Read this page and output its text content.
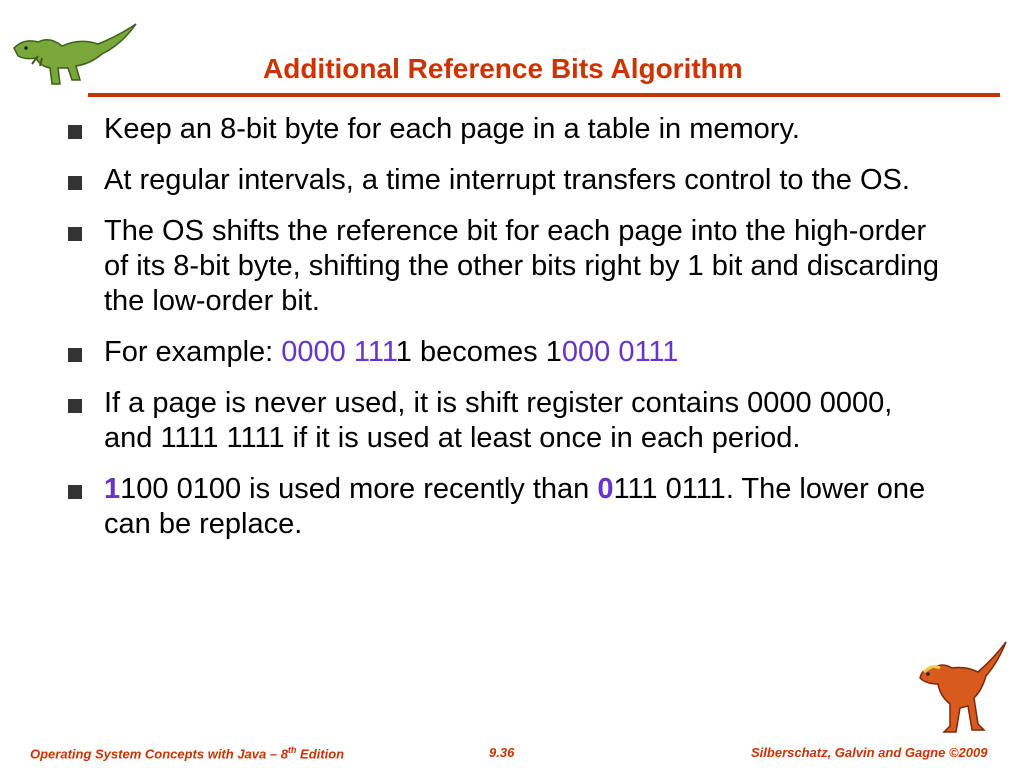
Additional Reference Bits Algorithm
Keep an 8-bit byte for each page in a table in memory.
At regular intervals, a time interrupt transfers control to the OS.
The OS shifts the reference bit for each page into the high-order of its 8-bit byte, shifting the other bits right by 1 bit and discarding the low-order bit.
For example: 0000 1111 becomes 1000 0111
If a page is never used, it is shift register contains 0000 0000, and 1111 1111 if it is used at least once in each period.
1100 0100 is used more recently than 0111 0111. The lower one can be replace.
Operating System Concepts with Java – 8th Edition	9.36	Silberschatz, Galvin and Gagne ©2009
